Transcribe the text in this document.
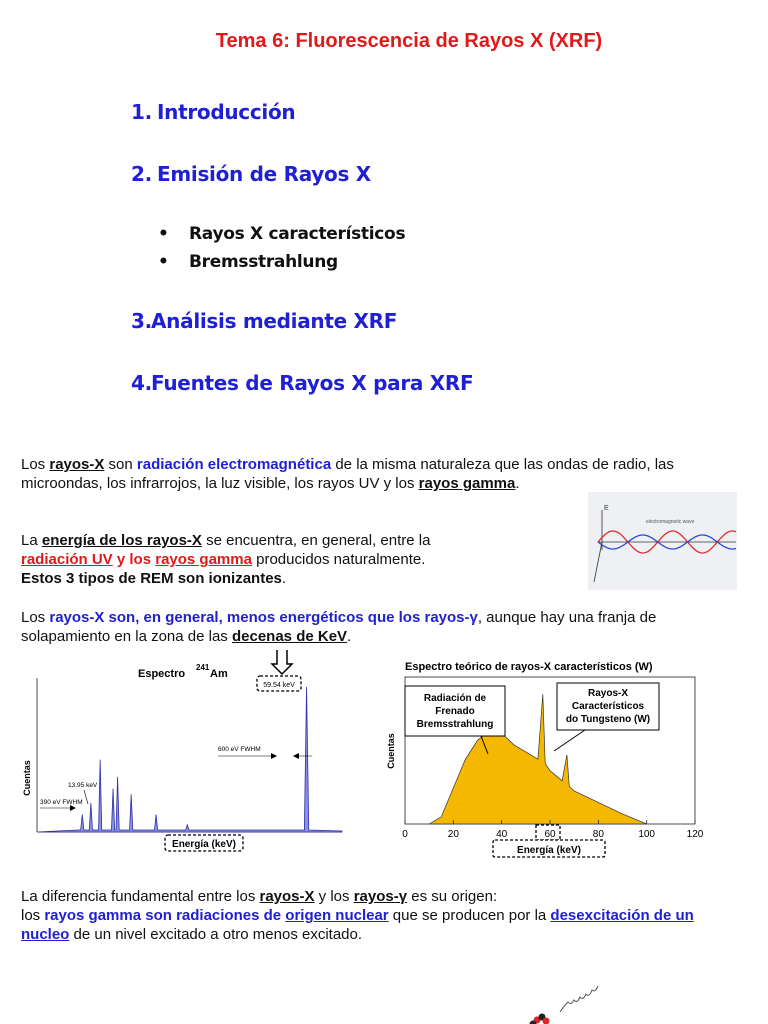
Tema 6: Fluorescencia de Rayos X (XRF)
1. Introducción
2. Emisión de Rayos X
• Rayos X característicos
• Bremsstrahlung
3.Análisis mediante XRF
4.Fuentes de Rayos X para XRF
Los rayos-X son radiación electromagnética de la misma naturaleza que las ondas de radio, las
microondas, los infrarrojos, la luz visible, los rayos UV y los rayos gamma.
La energía de los rayos-X se encuentra, en general, entre la
radiación UV y los rayos gamma producidos naturalmente.
Estos 3 tipos de REM son ionizantes.
E
electromagnetic wave
Los rayos-X son, en general, menos energéticos que los rayos-γ, aunque hay una franja de
solapamiento en la zona de las decenas de KeV.
Espectro
241
Am
Cuentas
59.54 keV
600 eV FWHM
13.95 keV
390 eV FWHM
Energía (keV)
Espectro teórico de rayos-X característicos (W)
Cuentas
0	20	40	60	80	100	120
Radiación de
Frenado
Bremsstrahlung
Rayos-X
Característicos
do Tungsteno (W)
Energía (keV)
La diferencia fundamental entre los rayos-X y los rayos-γ es su origen:
los rayos gamma son radiaciones de origen nuclear que se producen por la desexcitación de un
nucleo de un nivel excitado a otro menos excitado.
